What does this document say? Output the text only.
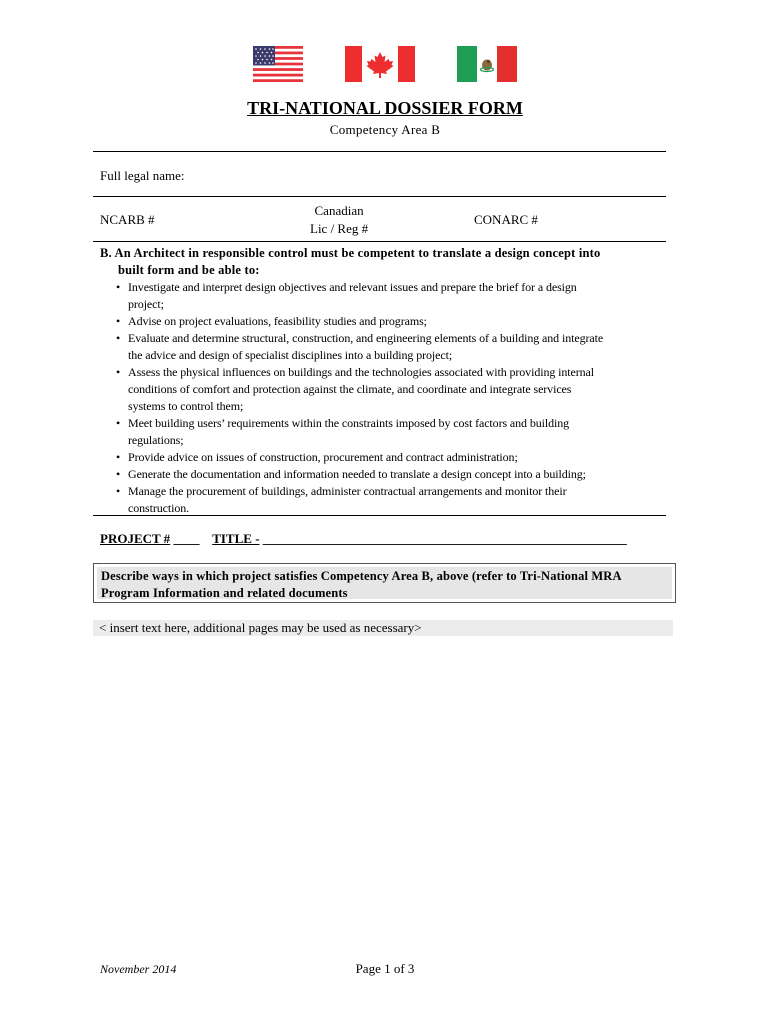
TRI-NATIONAL DOSSIER FORM
Competency Area B
Full legal name:
NCARB #
Canadian
Lic / Reg #
CONARC #
B. An Architect in responsible control must be competent to translate a design concept into
built form and be able to:
• Investigate and interpret design objectives and relevant issues and prepare the brief for a design
project;
• Advise on project evaluations, feasibility studies and programs;
• Evaluate and determine structural, construction, and engineering elements of a building and integrate
the advice and design of specialist disciplines into a building project;
• Assess the physical influences on buildings and the technologies associated with providing internal
conditions of comfort and protection against the climate, and coordinate and integrate services
systems to control them;
• Meet building users’ requirements within the constraints imposed by cost factors and building
regulations;
• Provide advice on issues of construction, procurement and contract administration;
• Generate the documentation and information needed to translate a design concept into a building;
• Manage the procurement of buildings, administer contractual arrangements and monitor their
construction.
PROJECT # ____ TITLE - ________________________________________________________
Describe ways in which project satisfies Competency Area B, above (refer to Tri-National MRA
Program Information and related documents
< insert text here, additional pages may be used as necessary>
November 2014	Page 1 of 3
